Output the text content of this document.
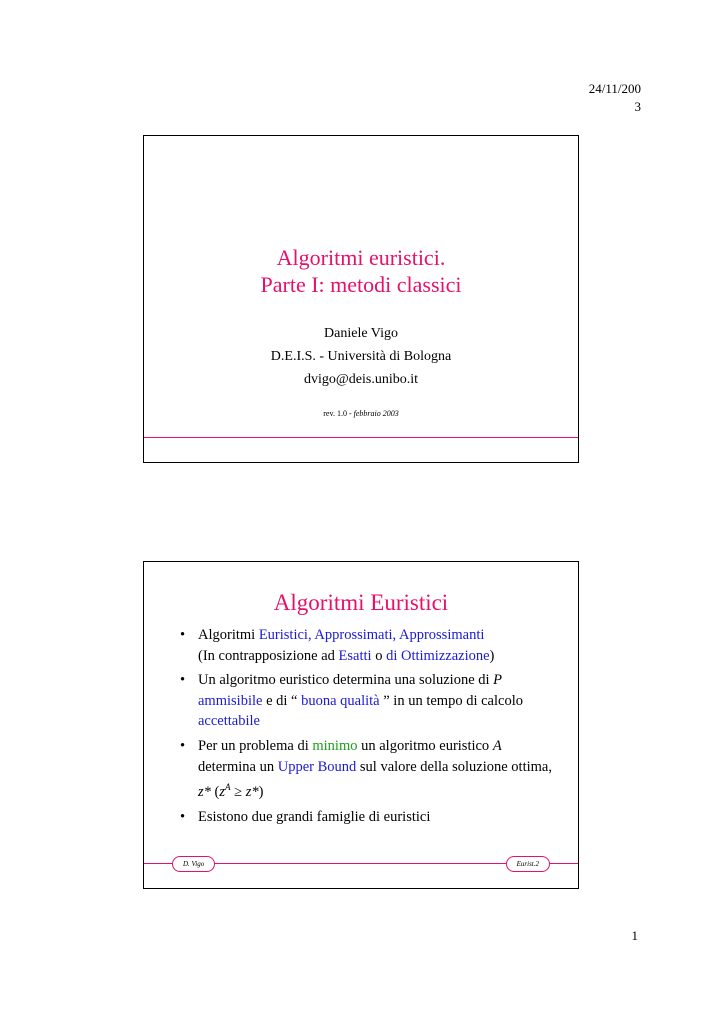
24/11/200
3
Algoritmi euristici.
Parte I: metodi classici
Daniele Vigo
D.E.I.S. - Università di Bologna
dvigo@deis.unibo.it
rev. 1.0 - febbraio 2003
Algoritmi Euristici
• Algoritmi Euristici, Approssimati, Approssimanti
(In contrapposizione ad Esatti o di Ottimizzazione)
• Un algoritmo euristico determina una soluzione di P ammisibile e di “ buona qualità ” in un tempo di calcolo accettabile
• Per un problema di minimo un algoritmo euristico A determina un Upper Bound sul valore della soluzione ottima, z* $(z^A \ge z*)$
• Esistono due grandi famiglie di euristici
D. Vigo	Eurist.2
1
